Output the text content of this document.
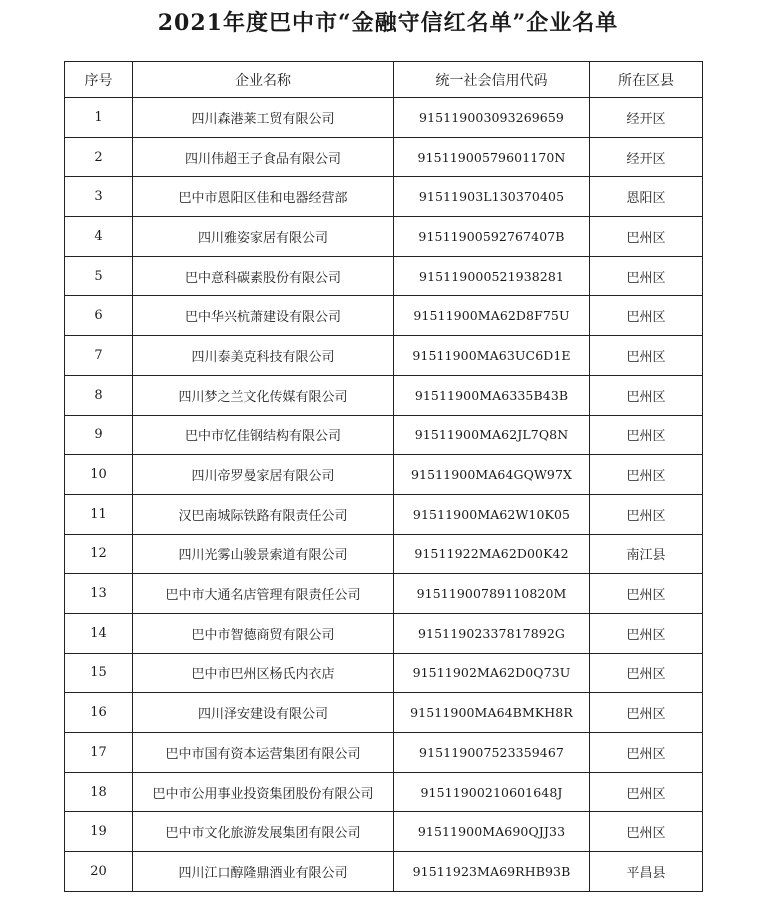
2021年度巴中市“金融守信红名单”企业名单
序号	企业名称	统一社会信用代码	所在区县
1	四川森港莱工贸有限公司	915119003093269659	经开区
2	四川伟超王子食品有限公司	91511900579601170N	经开区
3	巴中市恩阳区佳和电器经营部	91511903L130370405	恩阳区
4	四川雅姿家居有限公司	91511900592767407B	巴州区
5	巴中意科碳素股份有限公司	915119000521938281	巴州区
6	巴中华兴杭萧建设有限公司	91511900MA62D8F75U	巴州区
7	四川泰美克科技有限公司	91511900MA63UC6D1E	巴州区
8	四川梦之兰文化传媒有限公司	91511900MA6335B43B	巴州区
9	巴中市忆佳钢结构有限公司	91511900MA62JL7Q8N	巴州区
10	四川帝罗曼家居有限公司	91511900MA64GQW97X	巴州区
11	汉巴南城际铁路有限责任公司	91511900MA62W10K05	巴州区
12	四川光雾山骏景索道有限公司	91511922MA62D00K42	南江县
13	巴中市大通名店管理有限责任公司	91511900789110820M	巴州区
14	巴中市智德商贸有限公司	91511902337817892G	巴州区
15	巴中市巴州区杨氏内衣店	91511902MA62D0Q73U	巴州区
16	四川泽安建设有限公司	91511900MA64BMKH8R	巴州区
17	巴中市国有资本运营集团有限公司	915119007523359467	巴州区
18	巴中市公用事业投资集团股份有限公司	91511900210601648J	巴州区
19	巴中市文化旅游发展集团有限公司	91511900MA690QJJ33	巴州区
20	四川江口醇隆鼎酒业有限公司	91511923MA69RHB93B	平昌县
